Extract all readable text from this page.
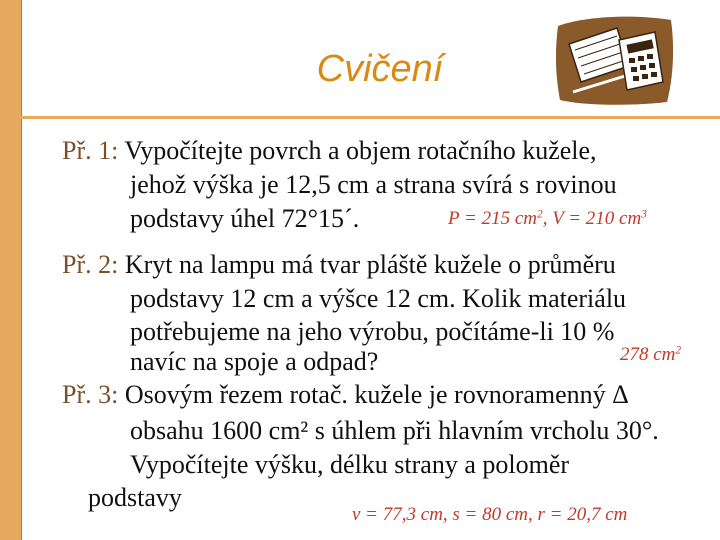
Cvičení
Př. 1: Vypočítejte povrch a objem rotačního kužele,
jehož výška je 12,5 cm a strana svírá s rovinou
podstavy úhel 72°15´.	P = 215 $cm^2$, V = 210 $cm^3$
Př. 2: Kryt na lampu má tvar pláště kužele o průměru
podstavy 12 cm a výšce 12 cm. Kolik materiálu
potřebujeme na jeho výrobu, počítáme-li 10 %
navíc na spoje a odpad?	278 $cm^2$
Př. 3: Osovým řezem rotač. kužele je rovnoramenný Δ
obsahu 1600 cm² s úhlem při hlavním vrcholu 30°.
Vypočítejte výšku, délku strany a poloměr
podstavy
v = 77,3 cm, s = 80 cm, r = 20,7 cm
